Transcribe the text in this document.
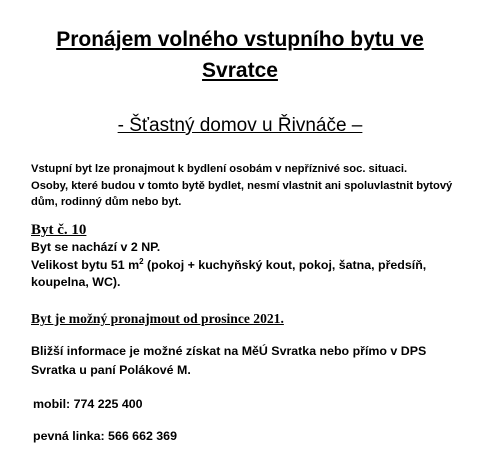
Pronájem volného vstupního bytu ve Svratce
- Šťastný domov u Řivnáče –
Vstupní byt lze pronajmout k bydlení osobám v nepříznivé soc. situaci.
Osoby, které budou v tomto bytě bydlet, nesmí vlastnit ani spoluvlastnit bytový dům, rodinný dům nebo byt.
Byt č. 10
Byt se nachází v 2 NP.
Velikost bytu 51 $m^2$ (pokoj + kuchyňský kout, pokoj, šatna, předsíň, koupelna, WC).
Byt je možný pronajmout od prosince 2021.
Bližší informace je možné získat na MěÚ Svratka nebo přímo v DPS Svratka u paní Polákové M.
mobil: 774 225 400
pevná linka: 566 662 369
